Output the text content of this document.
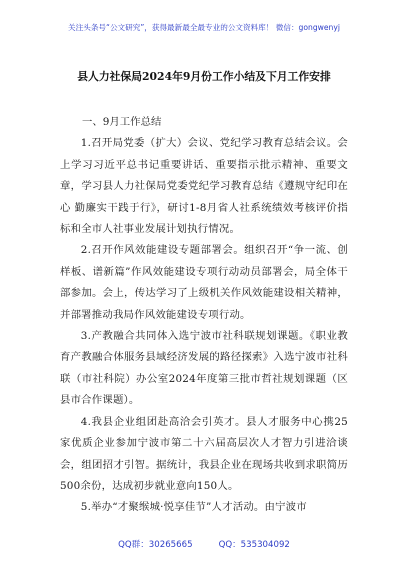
关注头条号“公文研究”，获得最新最全最专业的公文资料库！ 微信：gongwenyj
县人力社保局2024年9月份工作小结及下月工作安排

一、9月工作总结

1.召开局党委（扩大）会议、党纪学习教育总结会议。会上学习习近平总书记重要讲话、重要指示批示精神、重要文章，学习县人力社保局党委党纪学习教育总结《遵规守纪印在心 勤廉实干践于行》，研讨1-8月省人社系统绩效考核评价指标和全市人社事业发展计划执行情况。

2.召开作风效能建设专题部署会。组织召开“争一流、创样板、谱新篇”作风效能建设专项行动动员部署会，局全体干部参加。会上，传达学习了上级机关作风效能建设相关精神，并部署推动我局作风效能建设专项行动。

3.产教融合共同体入选宁波市社科联规划课题。《职业教育产教融合体服务县域经济发展的路径探索》入选宁波市社科联（市社科院）办公室2024年度第三批市哲社规划课题（区县市合作课题）。

4.我县企业组团赴高洽会引英才。县人才服务中心携25家优质企业参加宁波市第二十六届高层次人才智力引进洽谈会，组团招才引智。据统计，我县企业在现场共收到求职简历500余份，达成初步就业意向150人。

5.举办“才聚缑城·悦享佳节”人才活动。由宁波市

QQ群：30265665	QQ：535304092
